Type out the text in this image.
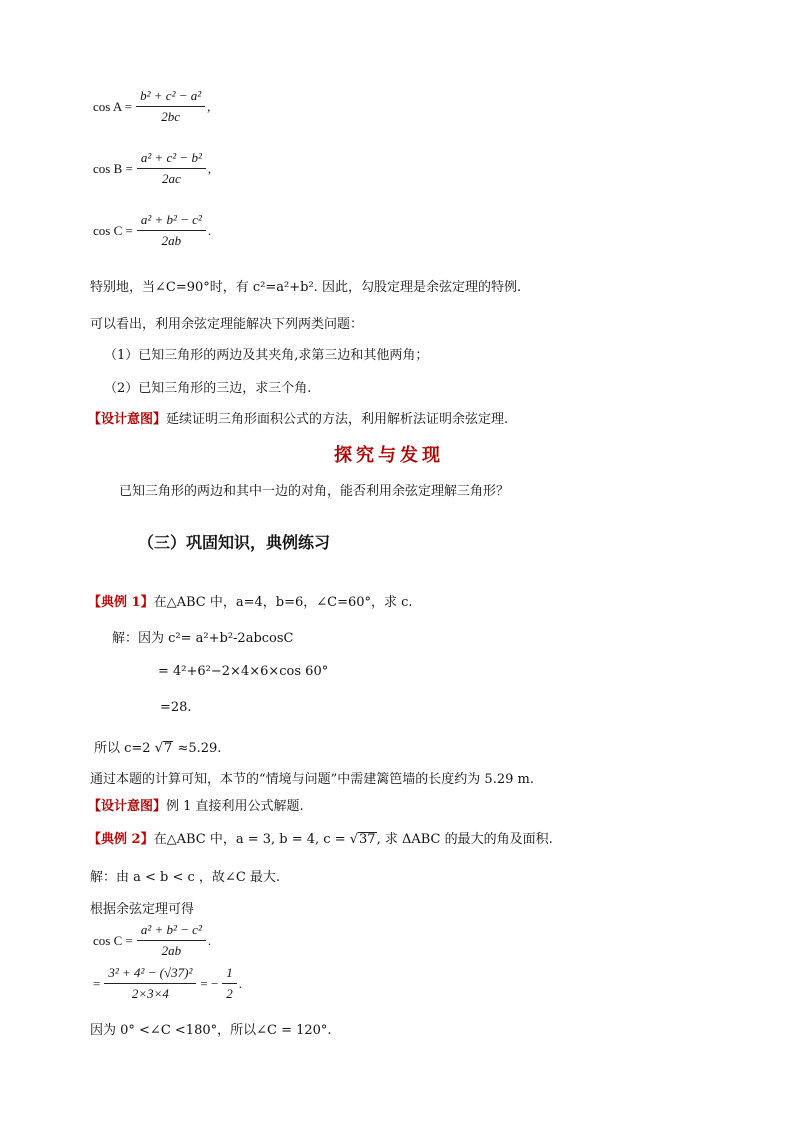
$\cos A = \frac{\text{b² + c² − a²}}{2bc}$ ,
$\cos B = \frac{\text{a² + c² − b²}}{2ac}$ ,
$\cos C = \frac{\text{a² + b² − c²}}{2ab}$ .
特别地，当∠C=90°时，有 c²=a²+b². 因此，勾股定理是余弦定理的特例.
可以看出，利用余弦定理能解决下列两类问题：
（1）已知三角形的两边及其夹角,求第三边和其他两角；
（2）已知三角形的三边，求三个角.
【设计意图】延续证明三角形面积公式的方法，利用解析法证明余弦定理.
探究与发现
已知三角形的两边和其中一边的对角，能否利用余弦定理解三角形？
（三）巩固知识，典例练习
【典例 1】在△ABC 中，a=4，b=6，∠C=60°，求 c.
解：因为 c²= a²+b²-2abcosC
= 4²+6²−2×4×6×cos 60°
=28.
所以 c=2 √7 ≈5.29.
通过本题的计算可知，本节的“情境与问题”中需建篱笆墙的长度约为 5.29 m.
【设计意图】例 1 直接利用公式解题.
【典例 2】在△ABC 中，a = 3, b = 4, c = √37, 求 ΔABC 的最大的角及面积.
解：由 a < b < c ，故∠C 最大.
根据余弦定理可得
$\cos C = \frac{\text{a² + b² − c²}}{2ab}$ .
= $\frac{\text{3² + 4² − (√37)²}}{2\times 3\times 4}$ = − $\frac{1}{2}$ .
因为 0° <∠C <180°，所以∠C = 120°.
